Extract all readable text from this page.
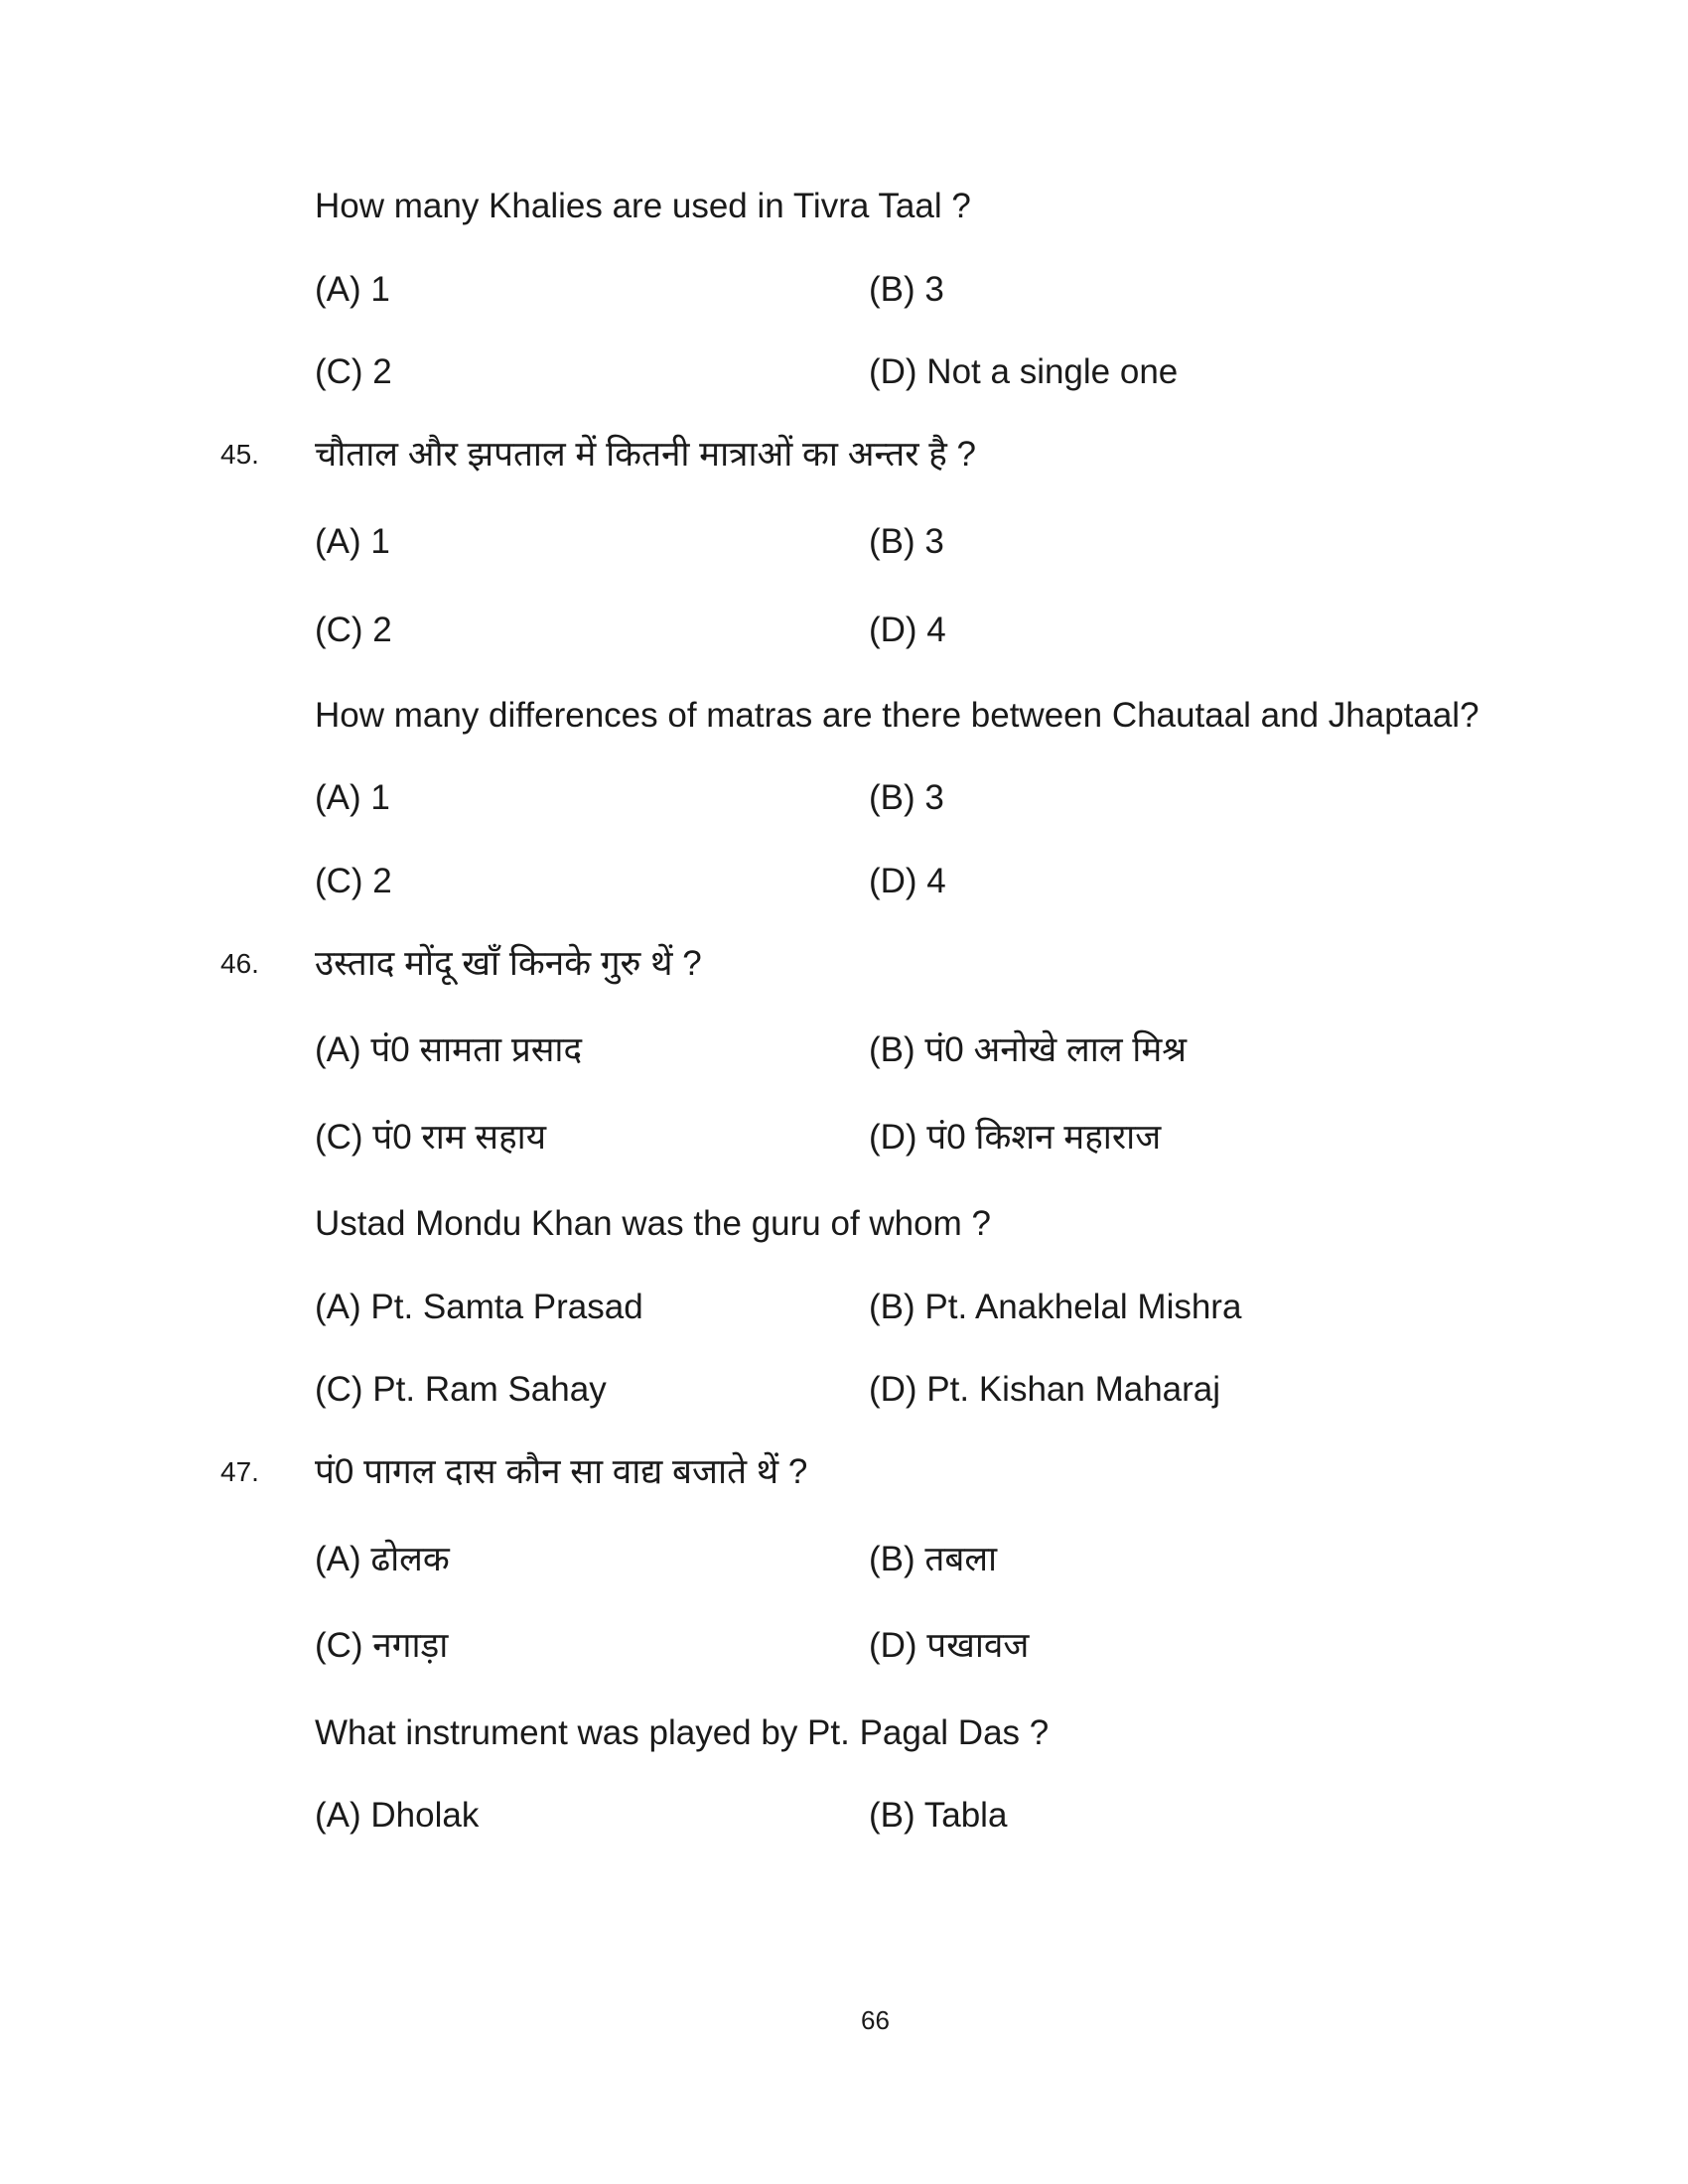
How many Khalies are used in Tivra Taal ?
(A) 1	(B) 3
(C) 2	(D) Not a single one
45. चौताल और झपताल में कितनी मात्राओं का अन्तर है ?
(A) 1	(B) 3
(C) 2	(D) 4
How many differences of matras are there between Chautaal and Jhaptaal?
(A) 1	(B) 3
(C) 2	(D) 4
46. उस्ताद मोंदू खाँ किनके गुरु थें ?
(A) पं0 सामता प्रसाद	(B) पं0 अनोखे लाल मिश्र
(C) पं0 राम सहाय	(D) पं0 किशन महाराज
Ustad Mondu Khan was the guru of whom ?
(A) Pt. Samta Prasad	(B) Pt. Anakhelal Mishra
(C) Pt. Ram Sahay	(D) Pt. Kishan Maharaj
47. पं0 पागल दास कौन सा वाद्य बजाते थें ?
(A) ढोलक	(B) तबला
(C) नगाड़ा	(D) पखावज
What instrument was played by Pt. Pagal Das ?
(A) Dholak	(B) Tabla
66
